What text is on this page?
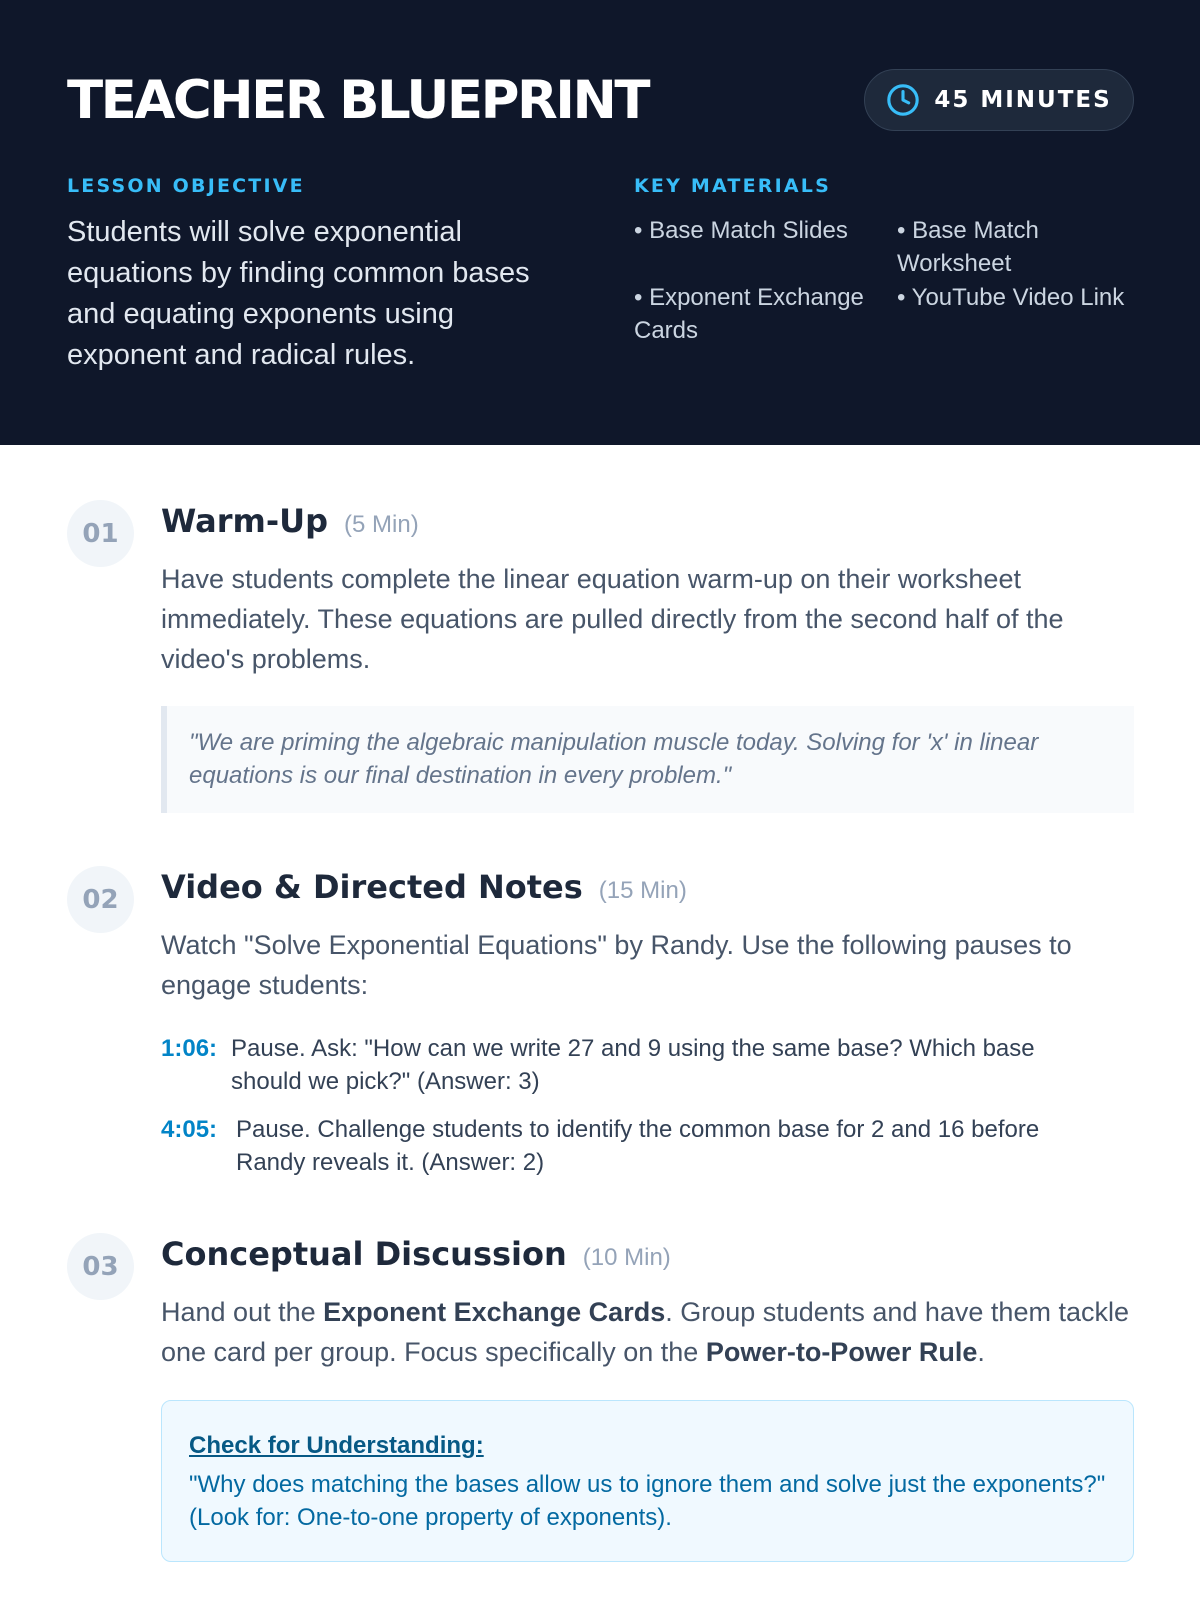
TEACHER BLUEPRINT	45 MINUTES
LESSON OBJECTIVE
Students will solve exponential equations by finding common bases and equating exponents using exponent and radical rules.
KEY MATERIALS
• Base Match Slides	• Base Match Worksheet
• Exponent Exchange Cards
• YouTube Video Link
01	Warm-Up (5 Min)
Have students complete the linear equation warm-up on their worksheet immediately. These equations are pulled directly from the second half of the video's problems.
"We are priming the algebraic manipulation muscle today. Solving for 'x' in linear equations is our final destination in every problem."
02	Video & Directed Notes (15 Min)
Watch "Solve Exponential Equations" by Randy. Use the following pauses to engage students:
1:06: Pause. Ask: "How can we write 27 and 9 using the same base? Which base should we pick?" (Answer: 3)
4:05: Pause. Challenge students to identify the common base for 2 and 16 before Randy reveals it. (Answer: 2)
03	Conceptual Discussion (10 Min)
Hand out the Exponent Exchange Cards. Group students and have them tackle one card per group. Focus specifically on the Power-to-Power Rule.
Check for Understanding:
"Why does matching the bases allow us to ignore them and solve just the exponents?" (Look for: One-to-one property of exponents).
